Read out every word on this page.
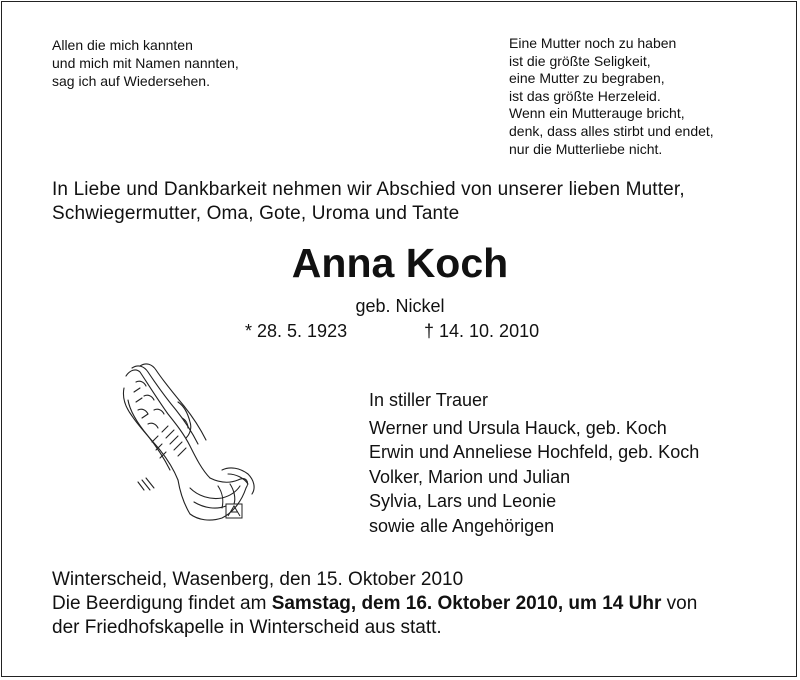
Allen die mich kannten
und mich mit Namen nannten,
sag ich auf Wiedersehen.
Eine Mutter noch zu haben
ist die größte Seligkeit,
eine Mutter zu begraben,
ist das größte Herzeleid.
Wenn ein Mutterauge bricht,
denk, dass alles stirbt und endet,
nur die Mutterliebe nicht.
In Liebe und Dankbarkeit nehmen wir Abschied von unserer lieben Mutter,
Schwiegermutter, Oma, Gote, Uroma und Tante
Anna Koch
geb. Nickel
* 28. 5. 1923	† 14. 10. 2010
In stiller Trauer
Werner und Ursula Hauck, geb. Koch
Erwin und Anneliese Hochfeld, geb. Koch
Volker, Marion und Julian
Sylvia, Lars und Leonie
sowie alle Angehörigen
Winterscheid, Wasenberg, den 15. Oktober 2010
Die Beerdigung findet am Samstag, dem 16. Oktober 2010, um 14 Uhr von
der Friedhofskapelle in Winterscheid aus statt.
